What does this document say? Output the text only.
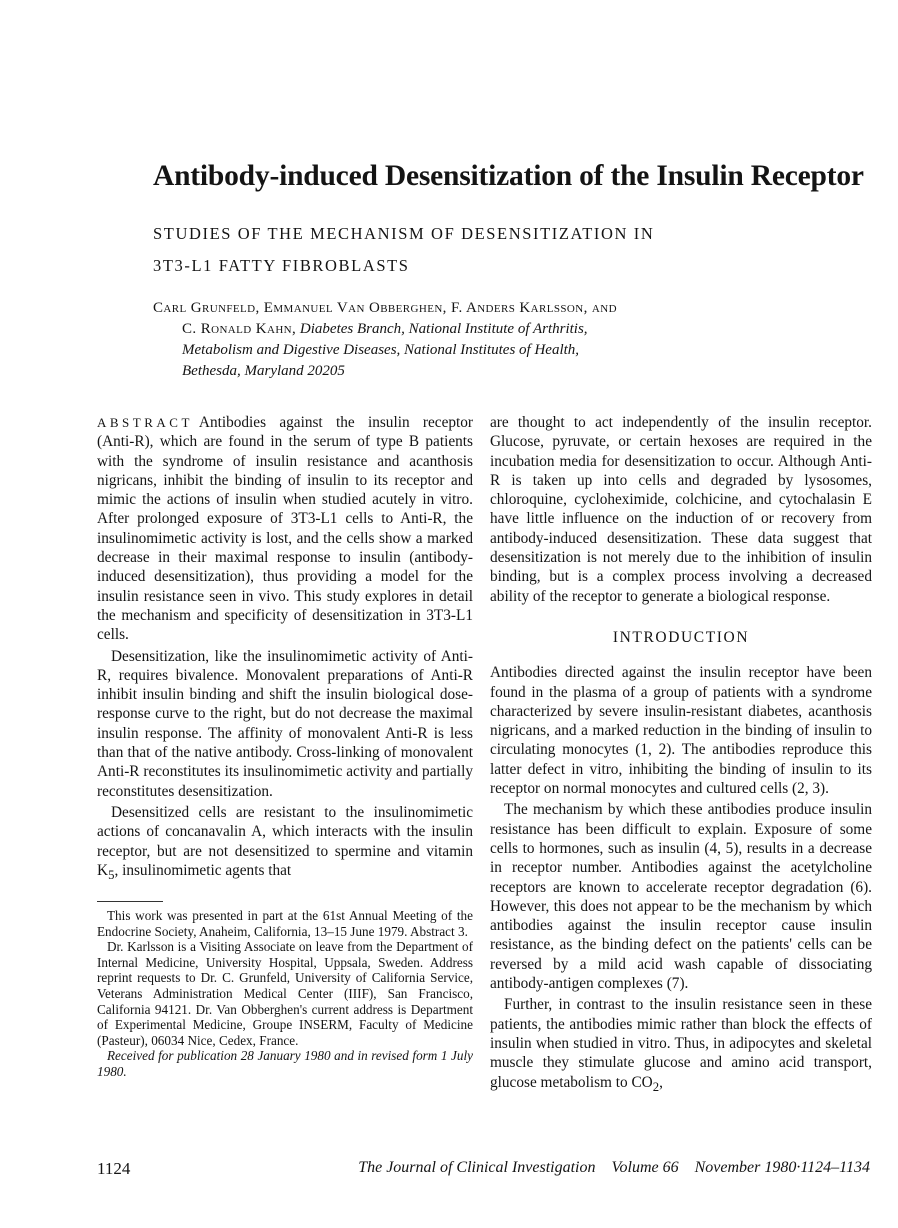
Antibody-induced Desensitization of the Insulin Receptor
STUDIES OF THE MECHANISM OF DESENSITIZATION IN
3T3-L1 FATTY FIBROBLASTS
Carl Grunfeld, Emmanuel Van Obberghen, F. Anders Karlsson, and
C. Ronald Kahn, Diabetes Branch, National Institute of Arthritis,
Metabolism and Digestive Diseases, National Institutes of Health,
Bethesda, Maryland 20205

ABSTRACT Antibodies against the insulin receptor (Anti-R), which are found in the serum of type B patients with the syndrome of insulin resistance and acanthosis nigricans, inhibit the binding of insulin to its receptor and mimic the actions of insulin when studied acutely in vitro. After prolonged exposure of 3T3-L1 cells to Anti-R, the insulinomimetic activity is lost, and the cells show a marked decrease in their maximal response to insulin (antibody-induced desensitization), thus providing a model for the insulin resistance seen in vivo. This study explores in detail the mechanism and specificity of desensitization in 3T3-L1 cells.

Desensitization, like the insulinomimetic activity of Anti-R, requires bivalence. Monovalent preparations of Anti-R inhibit insulin binding and shift the insulin biological dose-response curve to the right, but do not decrease the maximal insulin response. The affinity of monovalent Anti-R is less than that of the native antibody. Cross-linking of monovalent Anti-R reconstitutes its insulinomimetic activity and partially reconstitutes desensitization.

Desensitized cells are resistant to the insulinomimetic actions of concanavalin A, which interacts with the insulin receptor, but are not desensitized to spermine and vitamin $K_5$, insulinomimetic agents that

are thought to act independently of the insulin receptor. Glucose, pyruvate, or certain hexoses are required in the incubation media for desensitization to occur. Although Anti-R is taken up into cells and degraded by lysosomes, chloroquine, cycloheximide, colchicine, and cytochalasin E have little influence on the induction of or recovery from antibody-induced desensitization. These data suggest that desensitization is not merely due to the inhibition of insulin binding, but is a complex process involving a decreased ability of the receptor to generate a biological response.

INTRODUCTION

Antibodies directed against the insulin receptor have been found in the plasma of a group of patients with a syndrome characterized by severe insulin-resistant diabetes, acanthosis nigricans, and a marked reduction in the binding of insulin to circulating monocytes (1, 2). The antibodies reproduce this latter defect in vitro, inhibiting the binding of insulin to its receptor on normal monocytes and cultured cells (2, 3).

The mechanism by which these antibodies produce insulin resistance has been difficult to explain. Exposure of some cells to hormones, such as insulin (4, 5), results in a decrease in receptor number. Antibodies against the acetylcholine receptors are known to accelerate receptor degradation (6). However, this does not appear to be the mechanism by which antibodies against the insulin receptor cause insulin resistance, as the binding defect on the patients' cells can be reversed by a mild acid wash capable of dissociating antibody-antigen complexes (7).

Further, in contrast to the insulin resistance seen in these patients, the antibodies mimic rather than block the effects of insulin when studied in vitro. Thus, in adipocytes and skeletal muscle they stimulate glucose and amino acid transport, glucose metabolism to $CO_2$,

This work was presented in part at the 61st Annual Meeting of the Endocrine Society, Anaheim, California, 13–15 June 1979. Abstract 3.

Dr. Karlsson is a Visiting Associate on leave from the Department of Internal Medicine, University Hospital, Uppsala, Sweden. Address reprint requests to Dr. C. Grunfeld, University of California Service, Veterans Administration Medical Center (IIIF), San Francisco, California 94121. Dr. Van Obberghen's current address is Department of Experimental Medicine, Groupe INSERM, Faculty of Medicine (Pasteur), 06034 Nice, Cedex, France.

Received for publication 28 January 1980 and in revised form 1 July 1980.

1124	The Journal of Clinical Investigation Volume 66 November 1980·1124–1134
